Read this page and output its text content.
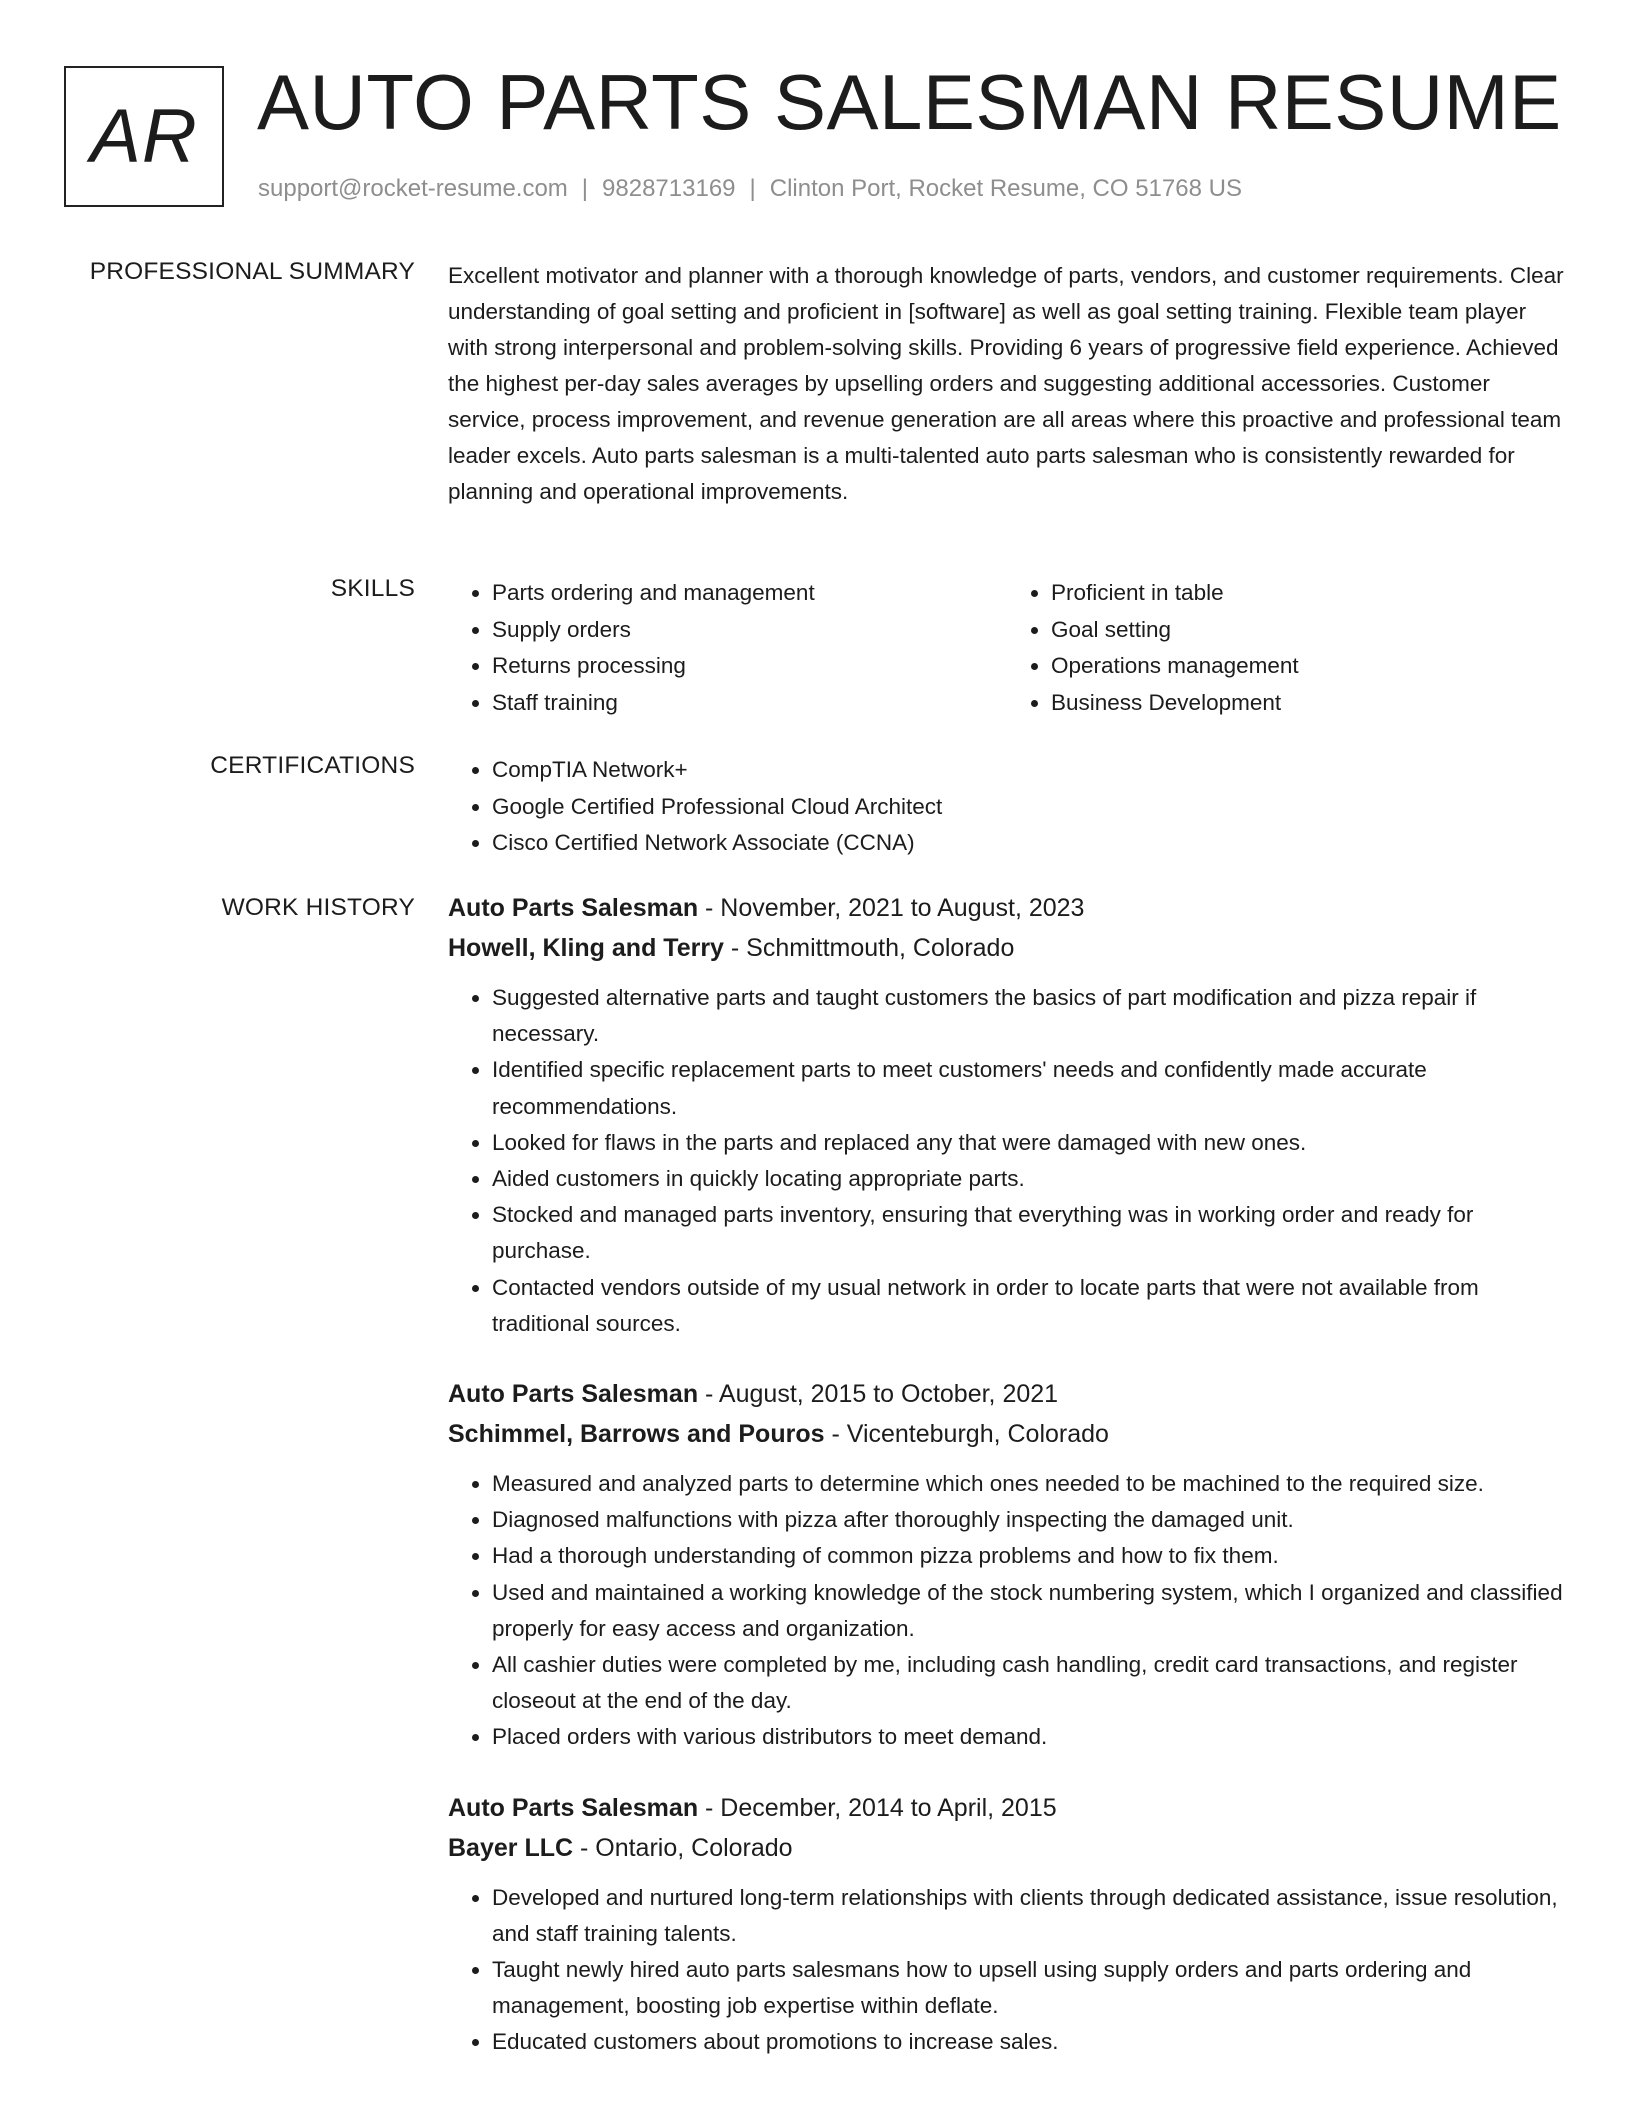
AR AUTO PARTS SALESMAN RESUME
support@rocket-resume.com | 9828713169 | Clinton Port, Rocket Resume, CO 51768 US
PROFESSIONAL SUMMARY Excellent motivator and planner with a thorough knowledge of parts, vendors, and customer requirements. Clear understanding of goal setting and proficient in [software] as well as goal setting training. Flexible team player with strong interpersonal and problem-solving skills. Providing 6 years of progressive field experience. Achieved the highest per-day sales averages by upselling orders and suggesting additional accessories. Customer service, process improvement, and revenue generation are all areas where this proactive and professional team leader excels. Auto parts salesman is a multi-talented auto parts salesman who is consistently rewarded for planning and operational improvements.

SKILLS	• Parts ordering and management
• Supply orders
• Returns processing
• Staff training
• Proficient in table
• Goal setting
• Operations management
• Business Development
CERTIFICATIONS	• CompTIA Network+
• Google Certified Professional Cloud Architect
• Cisco Certified Network Associate (CCNA)
WORK HISTORY Auto Parts Salesman - November, 2021 to August, 2023
Howell, Kling and Terry - Schmittmouth, Colorado
• Suggested alternative parts and taught customers the basics of part modification and pizza repair if necessary.
• Identified specific replacement parts to meet customers' needs and confidently made accurate recommendations.
• Looked for flaws in the parts and replaced any that were damaged with new ones.
• Aided customers in quickly locating appropriate parts.
• Stocked and managed parts inventory, ensuring that everything was in working order and ready for purchase.
• Contacted vendors outside of my usual network in order to locate parts that were not available from traditional sources.
Auto Parts Salesman - August, 2015 to October, 2021
Schimmel, Barrows and Pouros - Vicenteburgh, Colorado
• Measured and analyzed parts to determine which ones needed to be machined to the required size.
• Diagnosed malfunctions with pizza after thoroughly inspecting the damaged unit.
• Had a thorough understanding of common pizza problems and how to fix them.
• Used and maintained a working knowledge of the stock numbering system, which I organized and classified properly for easy access and organization.
• All cashier duties were completed by me, including cash handling, credit card transactions, and register closeout at the end of the day.
• Placed orders with various distributors to meet demand.
Auto Parts Salesman - December, 2014 to April, 2015
Bayer LLC - Ontario, Colorado
• Developed and nurtured long-term relationships with clients through dedicated assistance, issue resolution, and staff training talents.
• Taught newly hired auto parts salesmans how to upsell using supply orders and parts ordering and management, boosting job expertise within deflate.
• Educated customers about promotions to increase sales.
